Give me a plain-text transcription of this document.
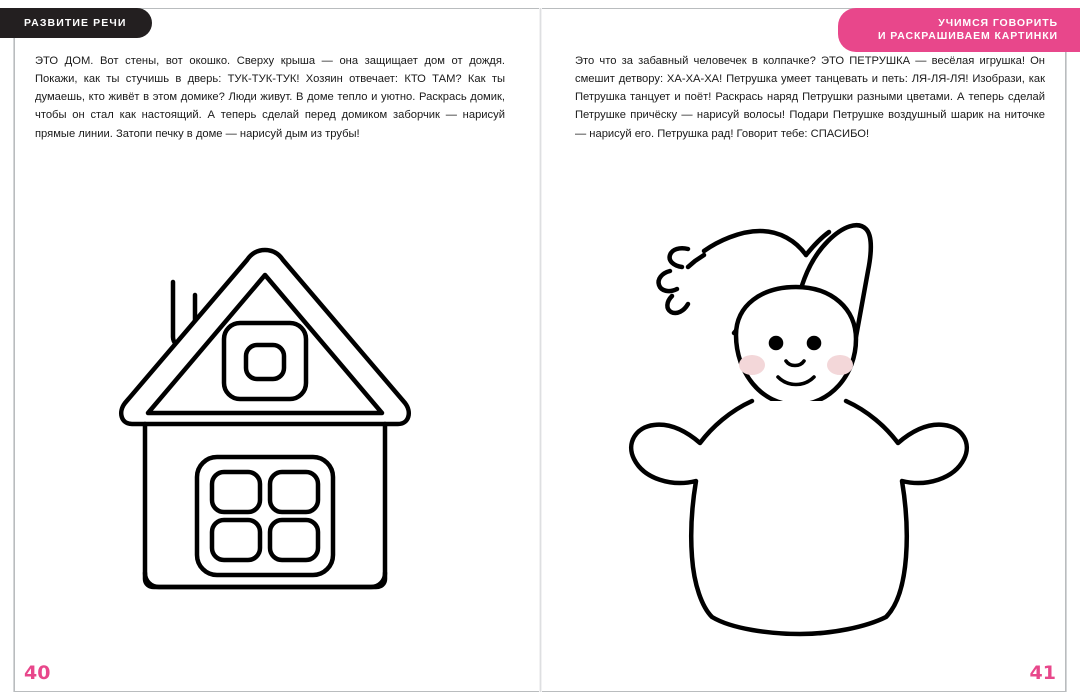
РАЗВИТИЕ РЕЧИ	УЧИМСЯ ГОВОРИТЬ
И РАСКРАШИВАЕМ КАРТИНКИ
ЭТО ДОМ. Вот стены, вот окошко. Сверху крыша — она защищает дом от дождя. Покажи, как ты стучишь в дверь: ТУК-ТУК-ТУК! Хозяин отвечает: КТО ТАМ? Как ты думаешь, кто живёт в этом домике? Люди живут. В доме тепло и уютно. Раскрась домик, чтобы он стал как настоящий. А теперь сделай перед домиком заборчик — нарисуй прямые линии. Затопи печку в доме — нарисуй дым из трубы!
Это что за забавный человечек в колпачке? ЭТО ПЕТРУШКА — весёлая игрушка! Он смешит детвору: ХА-ХА-ХА! Петрушка умеет танцевать и петь: ЛЯ-ЛЯ-ЛЯ! Изобрази, как Петрушка танцует и поёт! Раскрась наряд Петрушки разными цветами. А теперь сделай Петрушке причёску — нарисуй волосы! Подари Петрушке воздушный шарик на ниточке — нарисуй его. Петрушка рад! Говорит тебе: СПАСИБО!
40	41
